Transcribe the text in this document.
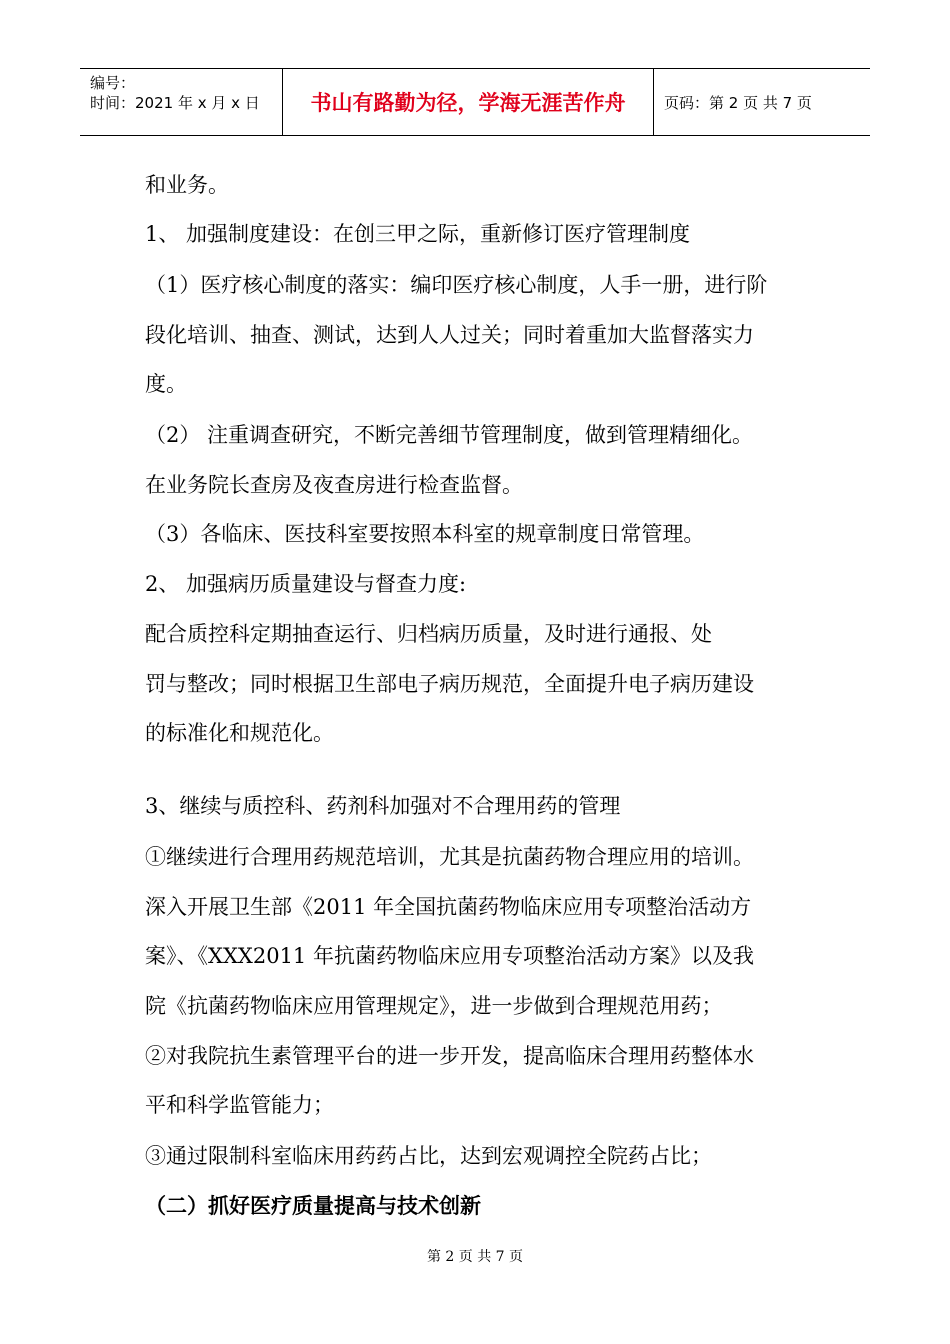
编号：
时间：2021 年 x 月 x 日	书山有路勤为径，学海无涯苦作舟	页码：第 2 页 共 7 页
和业务。
1、 加强制度建设：在创三甲之际，重新修订医疗管理制度
（1）医疗核心制度的落实：编印医疗核心制度，人手一册，进行阶
段化培训、抽查、测试，达到人人过关；同时着重加大监督落实力
度。
（2） 注重调查研究，不断完善细节管理制度，做到管理精细化。
在业务院长查房及夜查房进行检查监督。
（3）各临床、医技科室要按照本科室的规章制度日常管理。
2、 加强病历质量建设与督查力度:
配合质控科定期抽查运行、归档病历质量，及时进行通报、处
罚与整改；同时根据卫生部电子病历规范，全面提升电子病历建设
的标准化和规范化。
3、继续与质控科、药剂科加强对不合理用药的管理
①继续进行合理用药规范培训，尤其是抗菌药物合理应用的培训。
深入开展卫生部《2011 年全国抗菌药物临床应用专项整治活动方
案》、《XXX2011 年抗菌药物临床应用专项整治活动方案》以及我
院《抗菌药物临床应用管理规定》，进一步做到合理规范用药；
②对我院抗生素管理平台的进一步开发，提高临床合理用药整体水
平和科学监管能力；
③通过限制科室临床用药药占比，达到宏观调控全院药占比；
（二）抓好医疗质量提高与技术创新
第 2 页 共 7 页
